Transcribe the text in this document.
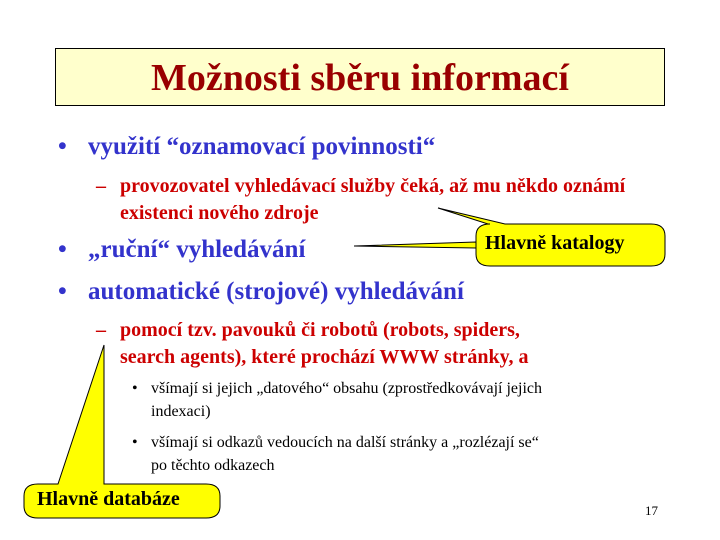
Možnosti sběru informací
• využití “oznamovací povinnosti“
– provozovatel vyhledávací služby čeká, až mu někdo oznámí existenci nového zdroje
• „ruční“ vyhledávání
• automatické (strojové) vyhledávání
– pomocí tzv. pavouků či robotů (robots, spiders,
search agents), které prochází WWW stránky, a
• všímají si jejich „datového“ obsahu (zprostředkovávají jejich
indexaci)
• všímají si odkazů vedoucích na další stránky a „rozlézají se“
po těchto odkazech
Hlavně katalogy
Hlavně databáze
17
